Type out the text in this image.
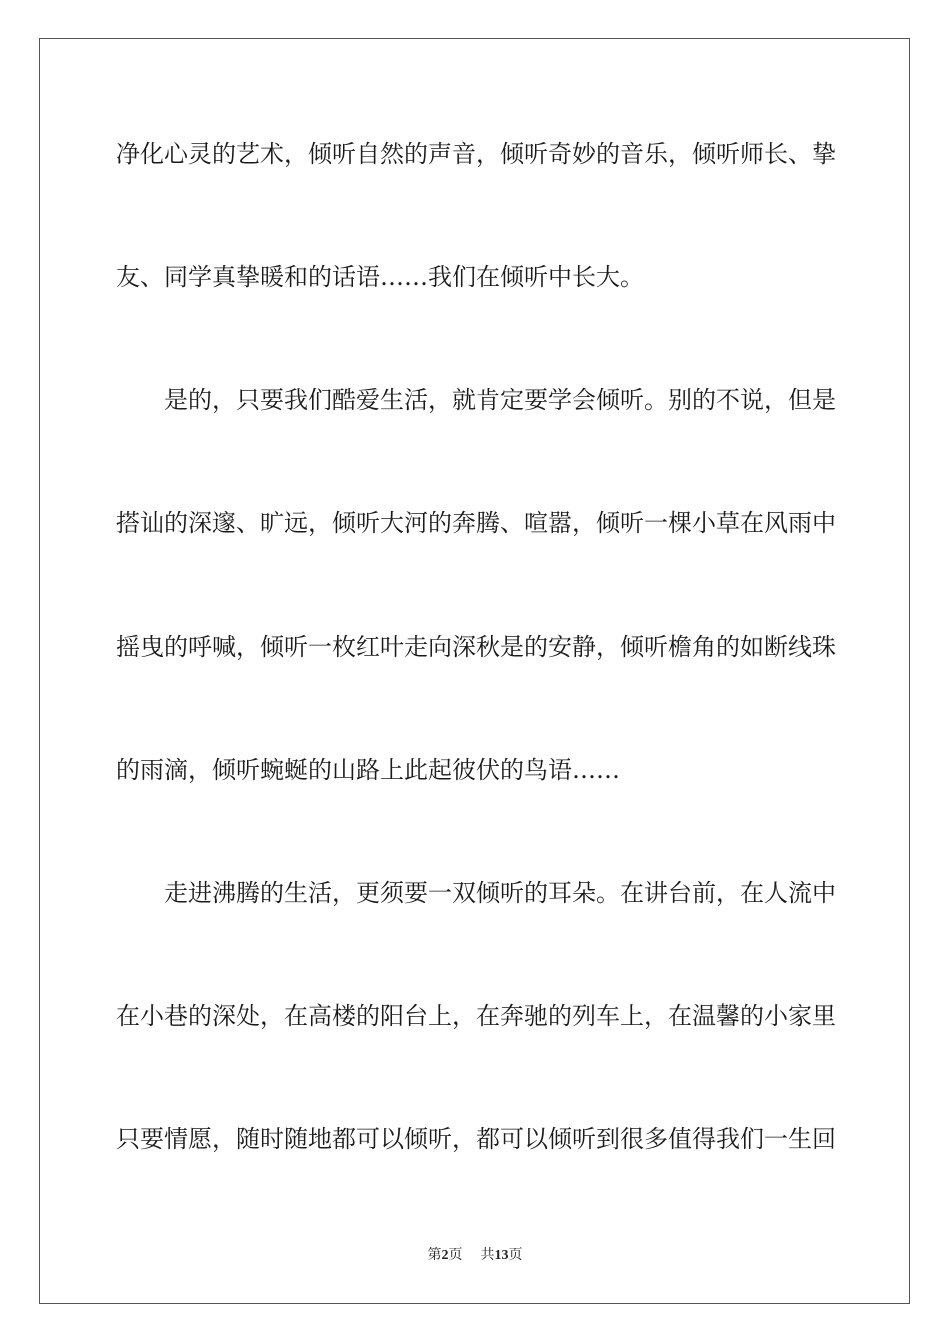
净化心灵的艺术，倾听自然的声音，倾听奇妙的音乐，倾听师长、挚
友、同学真挚暖和的话语……我们在倾听中长大。
是的，只要我们酷爱生活，就肯定要学会倾听。别的不说，但是
搭讪的深邃、旷远，倾听大河的奔腾、喧嚣，倾听一棵小草在风雨中
摇曳的呼喊，倾听一枚红叶走向深秋是的安静，倾听檐角的如断线珠
的雨滴，倾听蜿蜒的山路上此起彼伏的鸟语……
走进沸腾的生活，更须要一双倾听的耳朵。在讲台前，在人流中
在小巷的深处，在高楼的阳台上，在奔驰的列车上，在温馨的小家里
只要情愿，随时随地都可以倾听，都可以倾听到很多值得我们一生回
第2页 共13页
